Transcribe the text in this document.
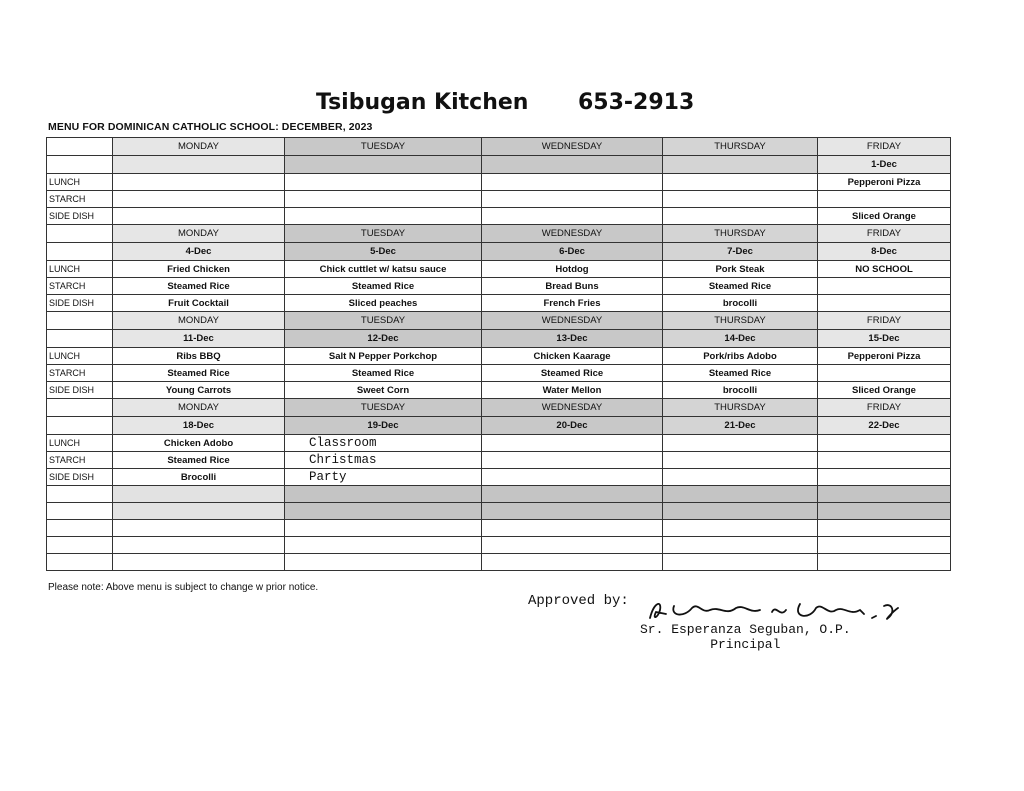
Tsibugan Kitchen 653-2913
MENU FOR DOMINICAN CATHOLIC SCHOOL: DECEMBER, 2023
	MONDAY	TUESDAY	WEDNESDAY	THURSDAY	FRIDAY
					1-Dec
LUNCH					Pepperoni Pizza
STARCH					
SIDE DISH					Sliced Orange
	MONDAY	TUESDAY	WEDNESDAY	THURSDAY	FRIDAY
	4-Dec	5-Dec	6-Dec	7-Dec	8-Dec
LUNCH	Fried Chicken	Chick cuttlet w/ katsu sauce	Hotdog	Pork Steak	NO SCHOOL
STARCH	Steamed Rice	Steamed Rice	Bread Buns	Steamed Rice	
SIDE DISH	Fruit Cocktail	Sliced peaches	French Fries	brocolli	
	MONDAY	TUESDAY	WEDNESDAY	THURSDAY	FRIDAY
	11-Dec	12-Dec	13-Dec	14-Dec	15-Dec
LUNCH	Ribs BBQ	Salt N Pepper Porkchop	Chicken Kaarage	Pork/ribs Adobo	Pepperoni Pizza
STARCH	Steamed Rice	Steamed Rice	Steamed Rice	Steamed Rice	
SIDE DISH	Young Carrots	Sweet Corn	Water Mellon	brocolli	Sliced Orange
	MONDAY	TUESDAY	WEDNESDAY	THURSDAY	FRIDAY
	18-Dec	19-Dec	20-Dec	21-Dec	22-Dec
LUNCH	Chicken Adobo	Classroom			
STARCH	Steamed Rice	Christmas			
SIDE DISH	Brocolli	Party			

Please note: Above menu is subject to change w prior notice.
Approved by:
Sr. Esperanza Seguban, O.P.
Principal
